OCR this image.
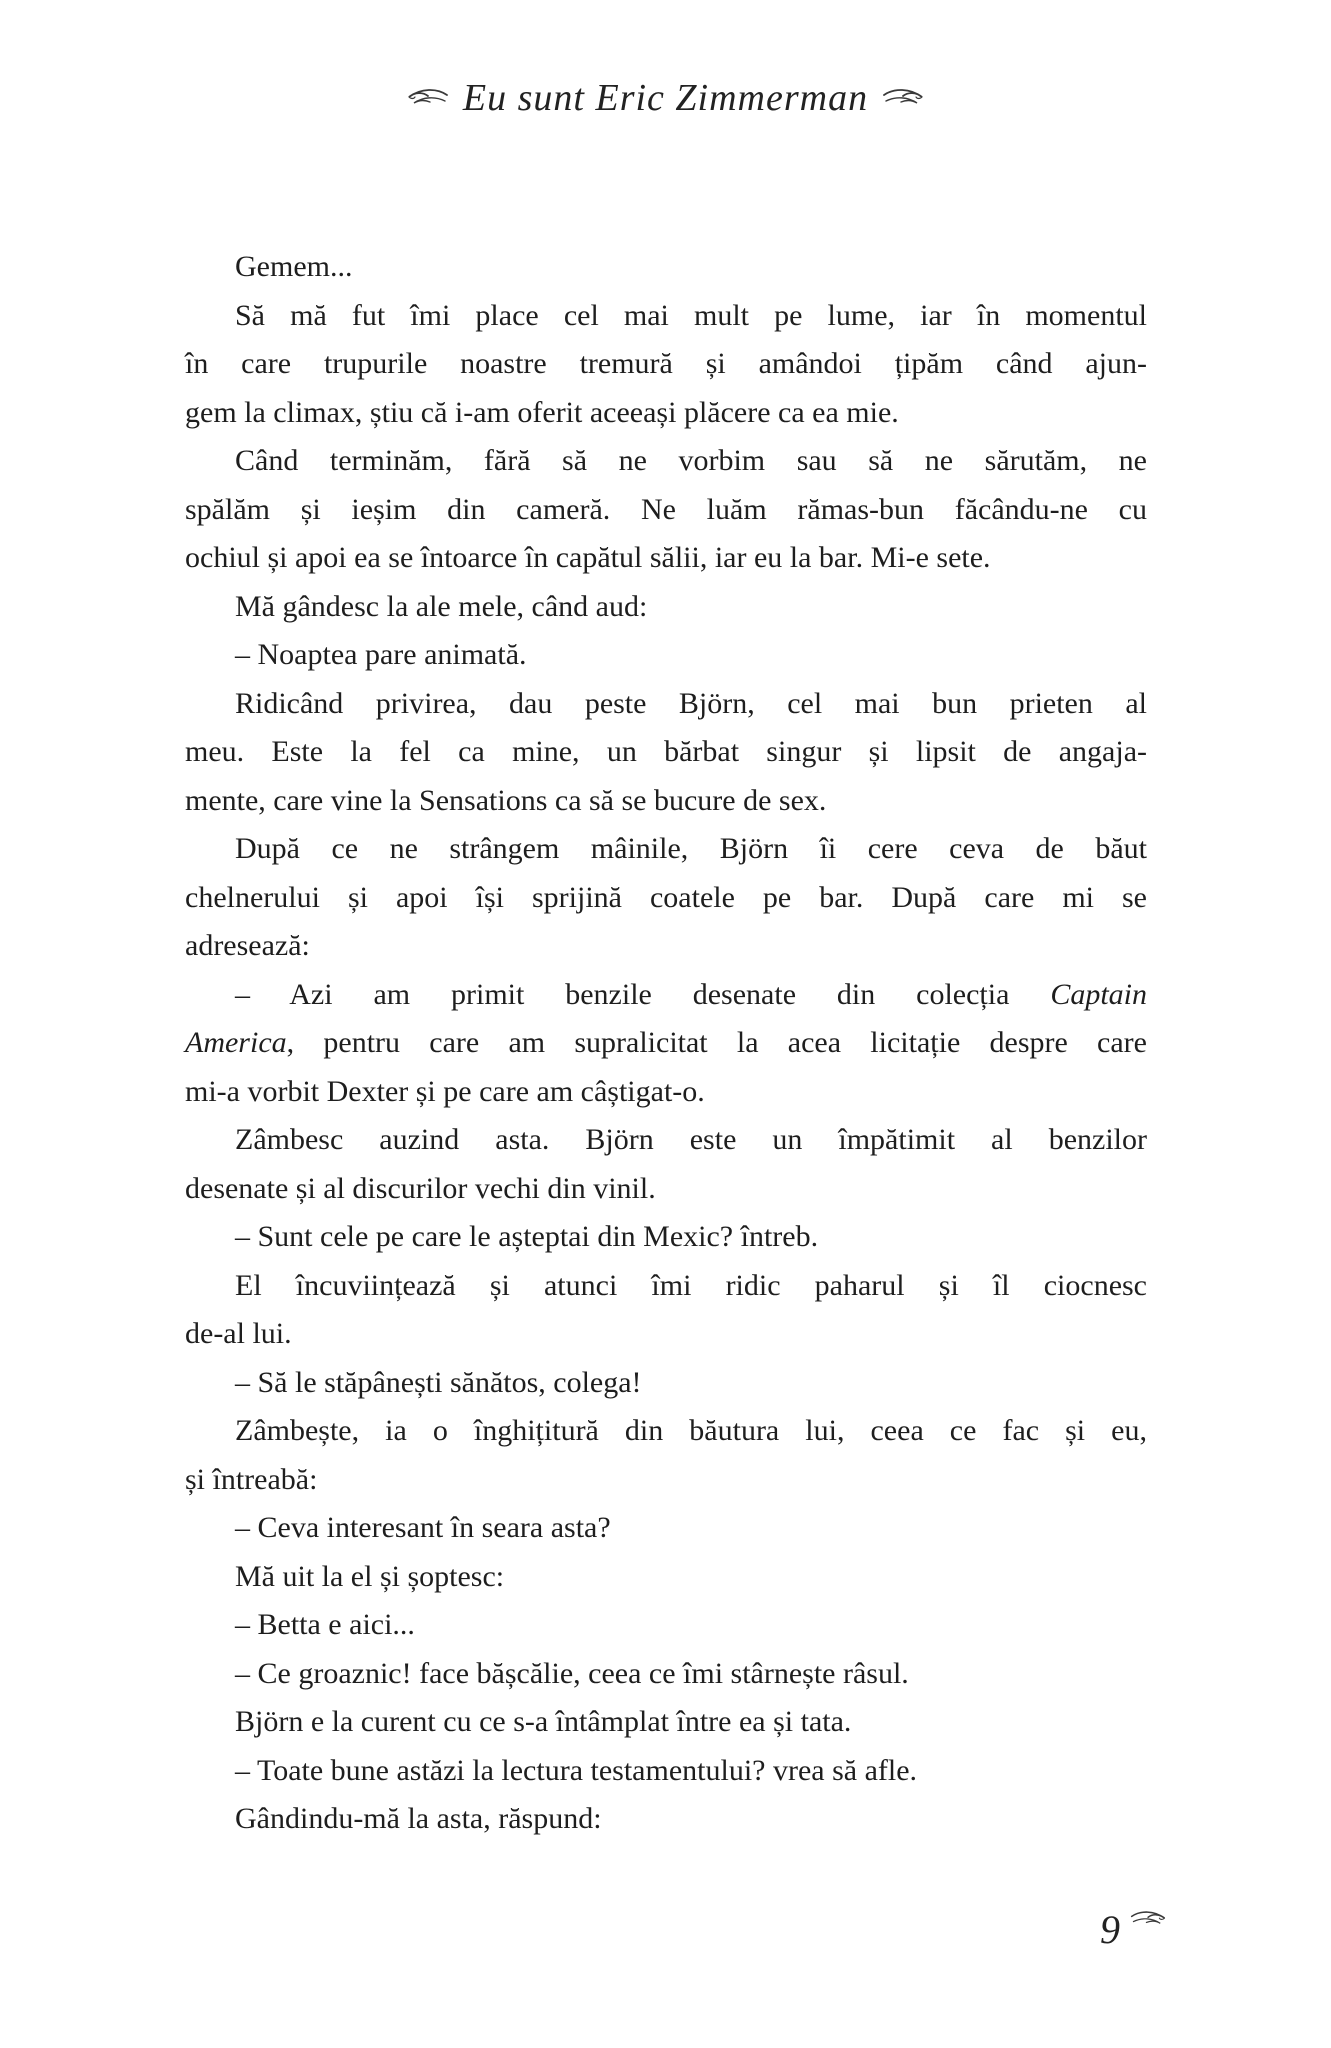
Eu sunt Eric Zimmerman
Gemem...
Să mă fut îmi place cel mai mult pe lume, iar în momentul
în care trupurile noastre tremură și amândoi țipăm când ajun-
gem la climax, știu că i-am oferit aceeași plăcere ca ea mie.
Când terminăm, fără să ne vorbim sau să ne sărutăm, ne
spălăm și ieșim din cameră. Ne luăm rămas-bun făcându-ne cu
ochiul și apoi ea se întoarce în capătul sălii, iar eu la bar. Mi-e sete.
Mă gândesc la ale mele, când aud:
– Noaptea pare animată.
Ridicând privirea, dau peste Björn, cel mai bun prieten al
meu. Este la fel ca mine, un bărbat singur și lipsit de angaja-
mente, care vine la Sensations ca să se bucure de sex.
După ce ne strângem mâinile, Björn îi cere ceva de băut
chelnerului și apoi își sprijină coatele pe bar. După care mi se
adresează:
– Azi am primit benzile desenate din colecția Captain
America, pentru care am supralicitat la acea licitație despre care
mi-a vorbit Dexter și pe care am câștigat-o.
Zâmbesc auzind asta. Björn este un împătimit al benzilor
desenate și al discurilor vechi din vinil.
– Sunt cele pe care le așteptai din Mexic? întreb.
El încuviințează și atunci îmi ridic paharul și îl ciocnesc
de-al lui.
– Să le stăpânești sănătos, colega!
Zâmbește, ia o înghițitură din băutura lui, ceea ce fac și eu,
și întreabă:
– Ceva interesant în seara asta?
Mă uit la el și șoptesc:
– Betta e aici...
– Ce groaznic! face bășcălie, ceea ce îmi stârnește râsul.
Björn e la curent cu ce s-a întâmplat între ea și tata.
– Toate bune astăzi la lectura testamentului? vrea să afle.
Gândindu-mă la asta, răspund:
9
